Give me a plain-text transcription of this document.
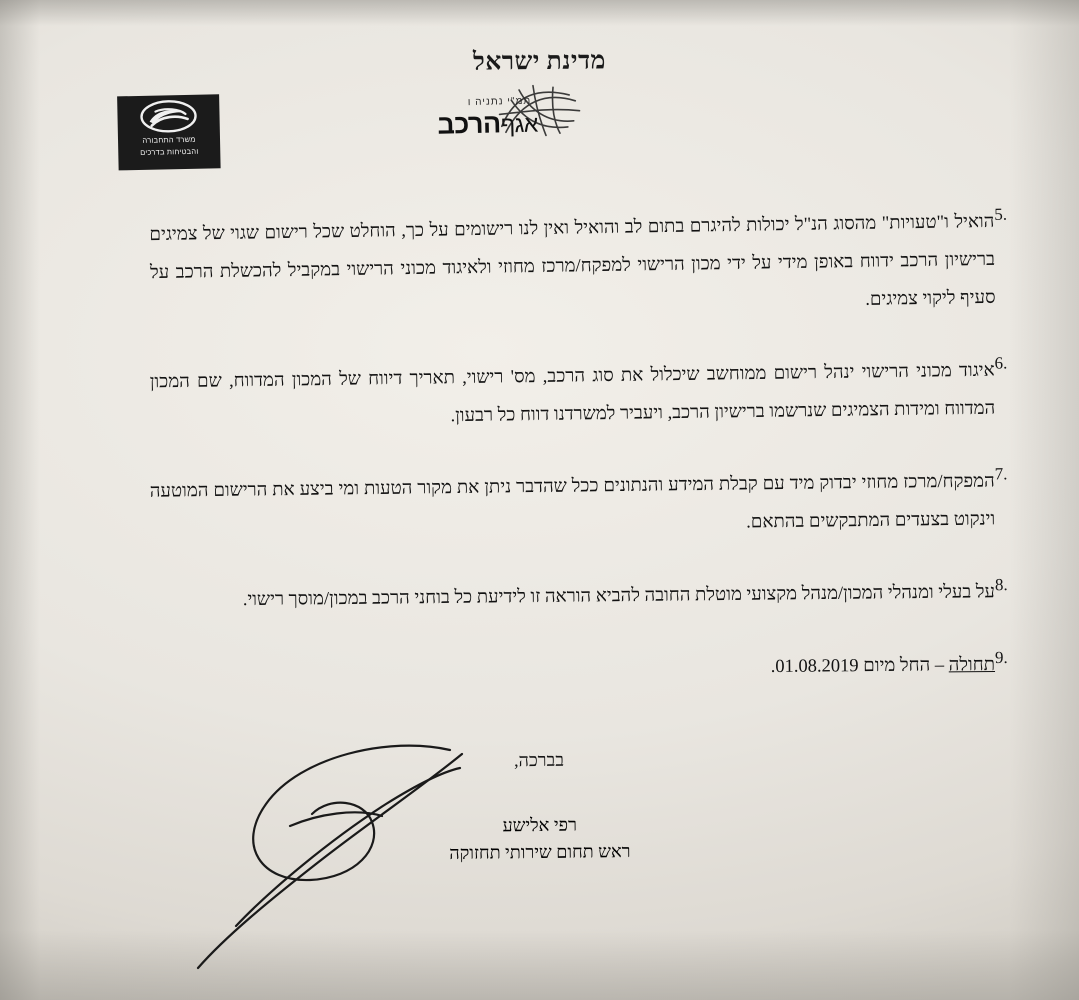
מדינת ישראל
משרד התחבורה
והבטיחות בדרכים
תמ"י נתניה ו
אגףהרכב
5.
הואיל ו"טעויות" מהסוג הנ"ל יכולות להיגרם בתום לב והואיל ואין לנו רישומים על כך, הוחלט שכל רישום שגוי של צמיגים ברישיון הרכב ידווח באופן מידי על ידי מכון הרישוי למפקח/מרכז מחוזי ולאיגוד מכוני הרישוי במקביל להכשלת הרכב על סעיף ליקוי צמיגים.
6.
איגוד מכוני הרישוי ינהל רישום ממוחשב שיכלול את סוג הרכב, מס' רישוי, תאריך דיווח של המכון המדווח, שם המכון המדווח ומידות הצמיגים שנרשמו ברישיון הרכב, ויעביר למשרדנו דווח כל רבעון.
7.
המפקח/מרכז מחוזי יבדוק מיד עם קבלת המידע והנתונים ככל שהדבר ניתן את מקור הטעות ומי ביצע את הרישום המוטעה וינקוט בצעדים המתבקשים בהתאם.
8.
על בעלי ומנהלי המכון/מנהל מקצועי מוטלת החובה להביא הוראה זו לידיעת כל בוחני הרכב במכון/מוסך רישוי.
9.
תחולה – החל מיום 01.08.2019.
בברכה,
רפי אלישע
ראש תחום שירותי תחזוקה
